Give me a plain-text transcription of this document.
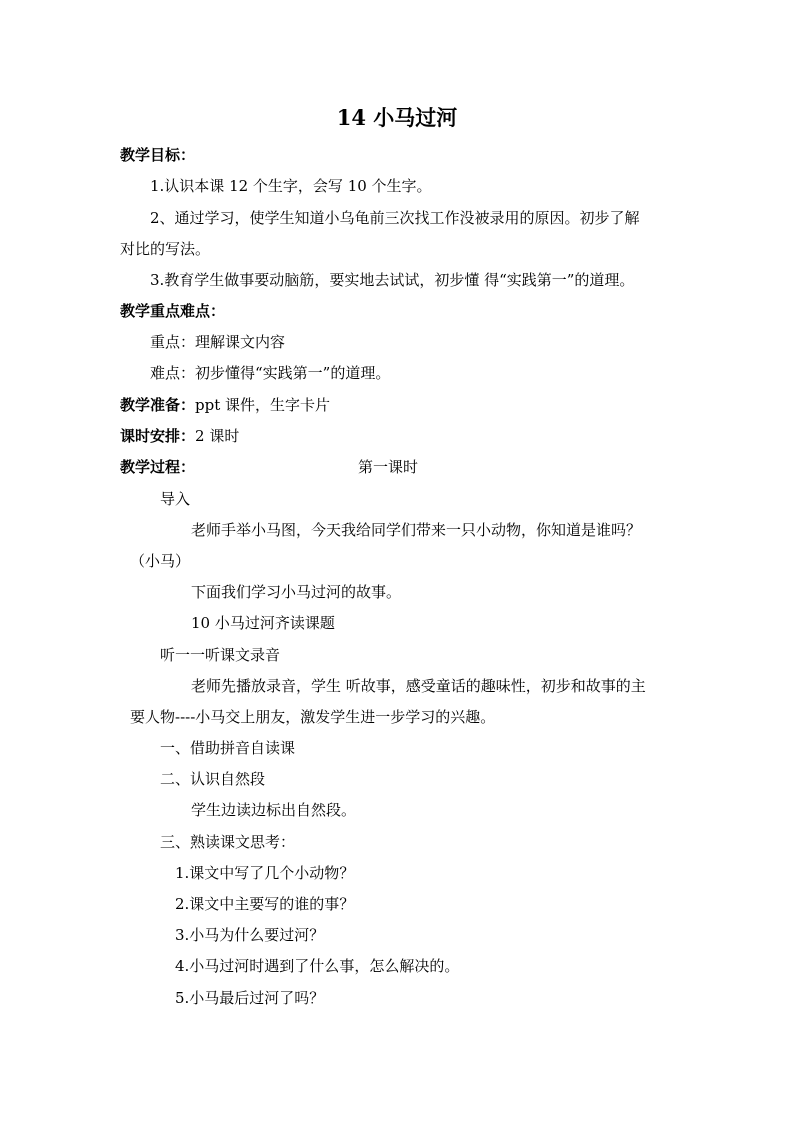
14 小马过河
教学目标：
1.认识本课 12 个生字，会写 10 个生字。
2、通过学习，使学生知道小乌龟前三次找工作没被录用的原因。初步了解
对比的写法。
3.教育学生做事要动脑筋，要实地去试试，初步懂 得“实践第一”的道理。
教学重点难点：
重点：理解课文内容
难点：初步懂得“实践第一”的道理。
教学准备：ppt 课件，生字卡片
课时安排：2 课时
教学过程：	第一课时
导入
老师手举小马图，今天我给同学们带来一只小动物，你知道是谁吗？
（小马）
下面我们学习小马过河的故事。
10 小马过河齐读课题
听一一听课文录音
老师先播放录音，学生 听故事，感受童话的趣味性，初步和故事的主
要人物----小马交上朋友，激发学生进一步学习的兴趣。
一、借助拼音自读课
二、认识自然段
学生边读边标出自然段。
三、熟读课文思考：
1.课文中写了几个小动物？
2.课文中主要写的谁的事？
3.小马为什么要过河？
4.小马过河时遇到了什么事，怎么解决的。
5.小马最后过河了吗？
